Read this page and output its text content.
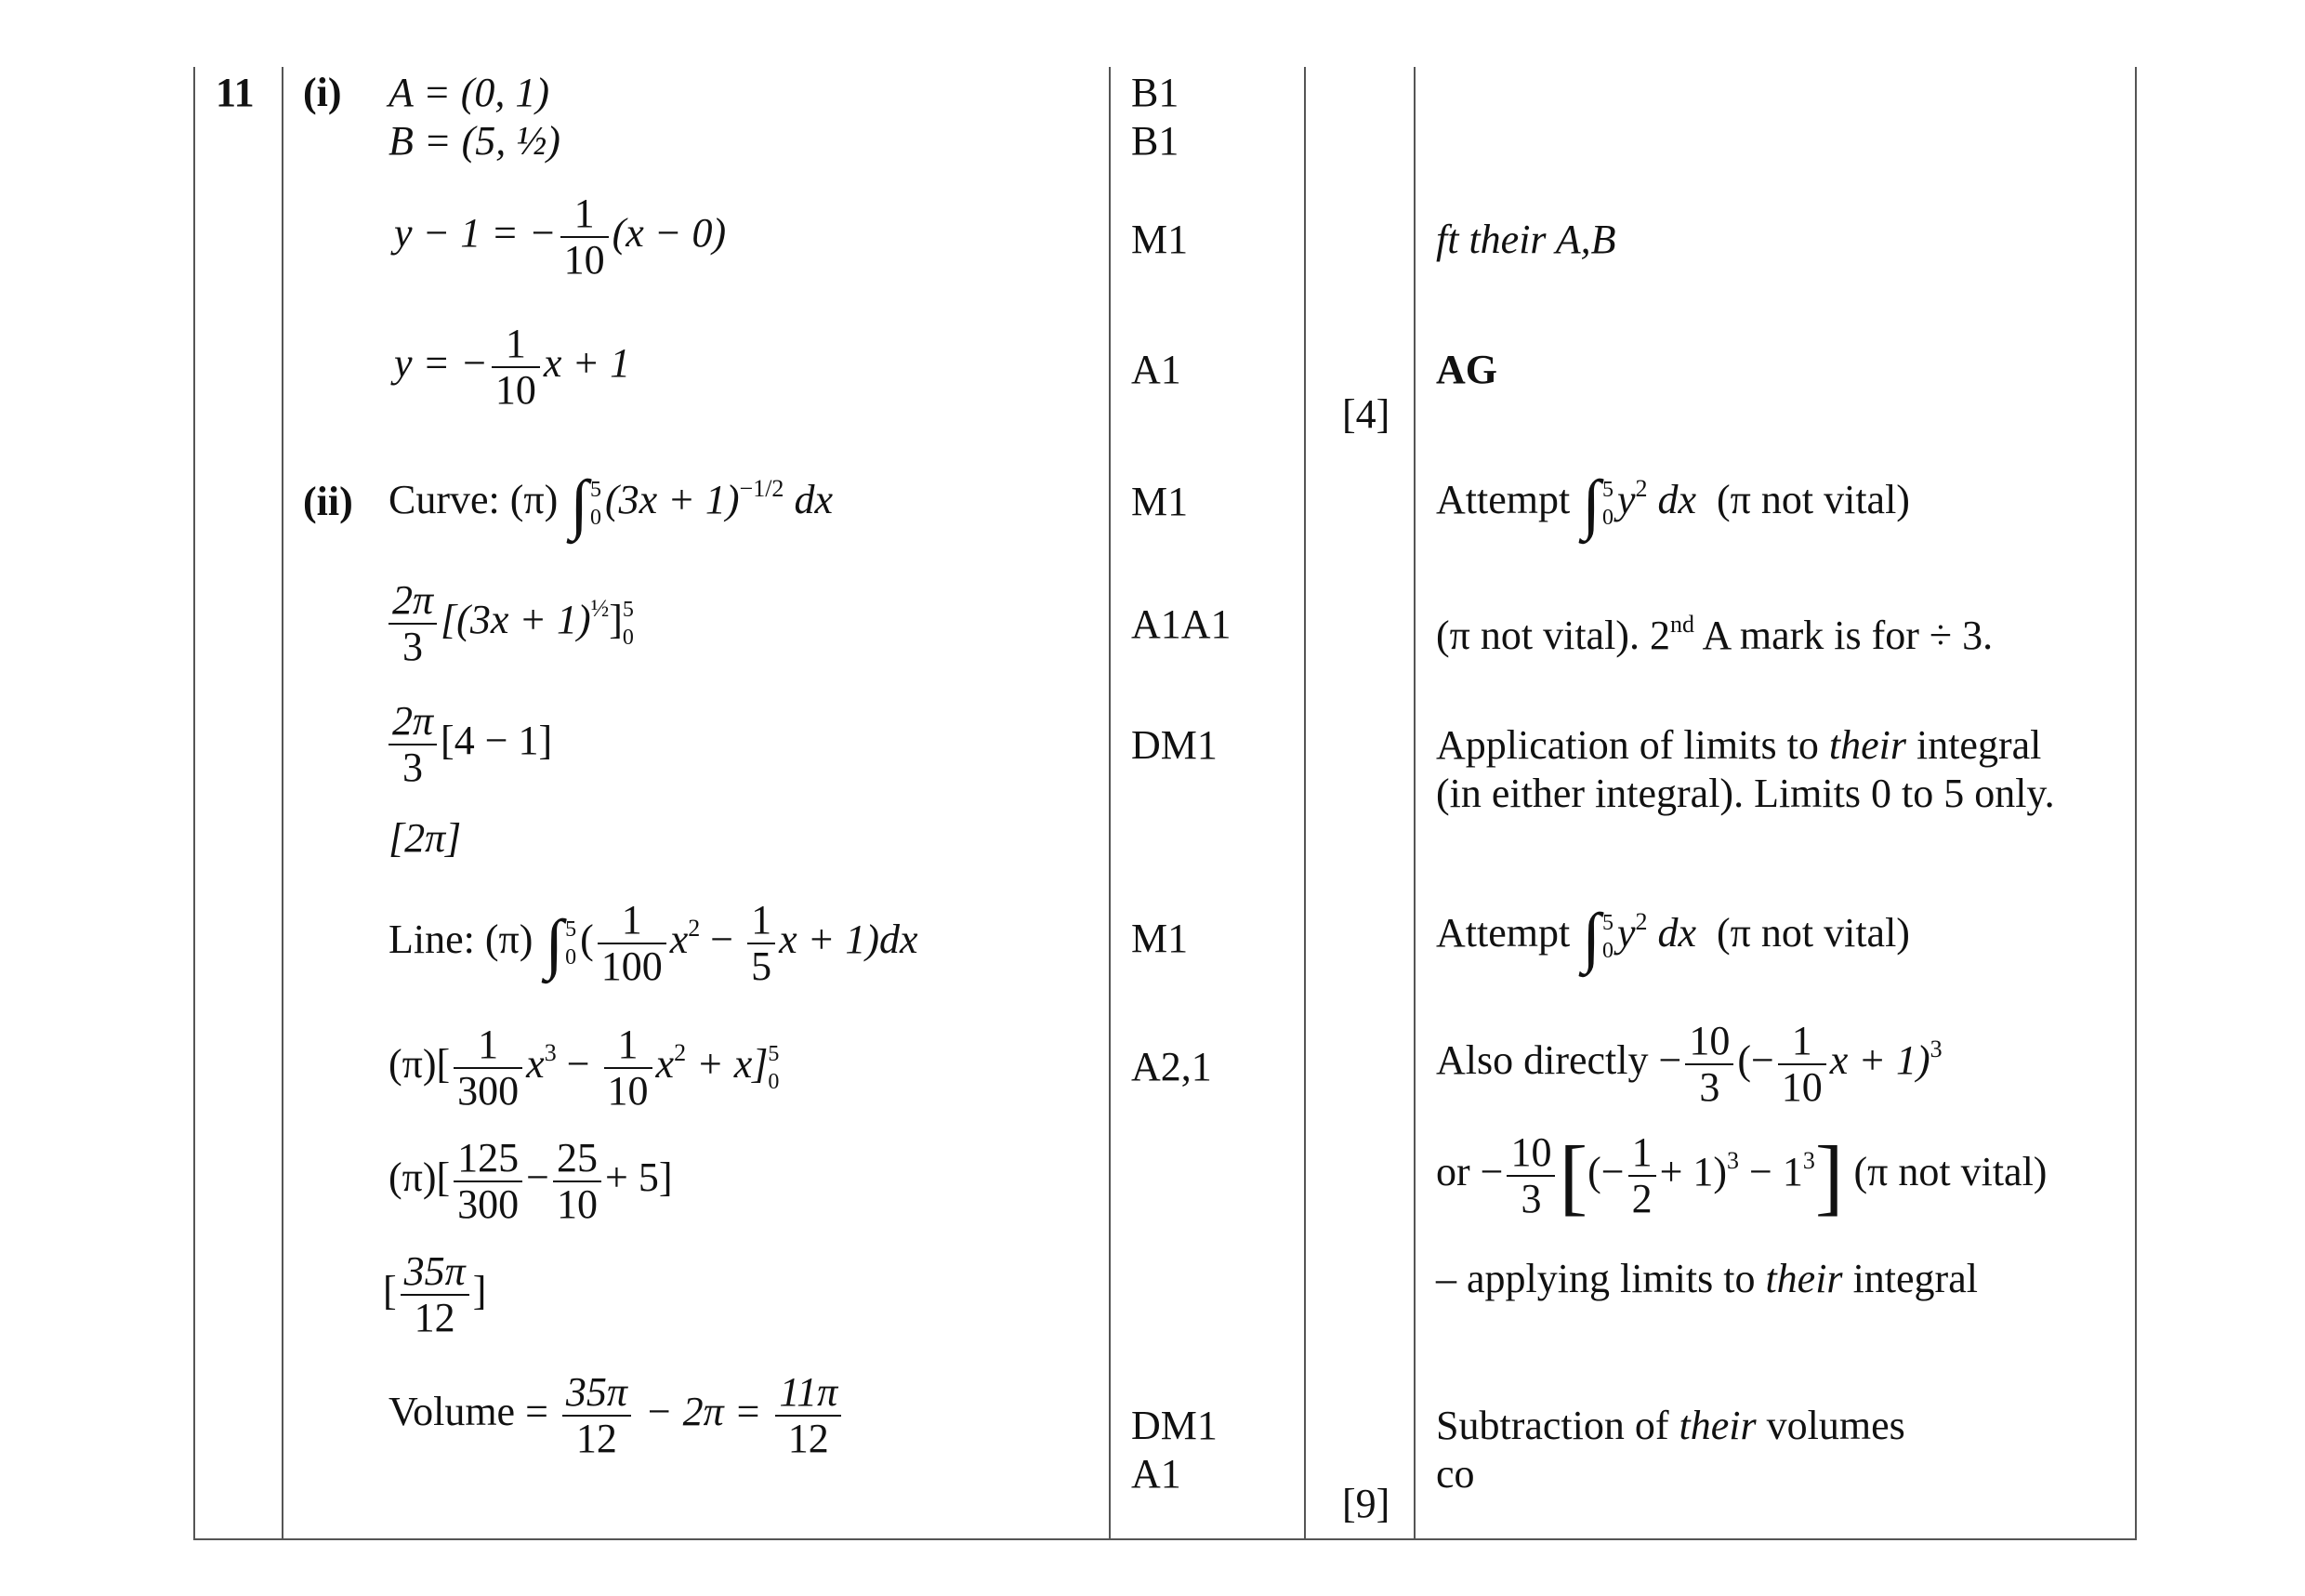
11 (i) A = (0, 1)
B = (5, ½)
y − 1 = − $\frac{1}{10} (x - 0)$
y = − $\frac{1}{10}$ x + 1
B1
B1
M1
A1
[4]
ft their A,B
AG
(ii) Curve: (π) ∫ 5
0 $(3x + 1)^{-1/2}$ dx
$\frac{2\pi}{3} [(3x + 1)^{\frac{1}{2}}]$ 5
0
$\frac{2\pi}{3} [4 - 1]$
[2π]
Line: (π) ∫ 5
0 ( $\frac{1}{100} x^2 - \frac{1}{5}$ x + 1)dx
$(\pi)[ \frac{1}{300} x^3 - \frac{1}{10} x^2 + x]$ 5
0
$(\pi)[ \frac{125}{300} - \frac{25}{10} + 5]$
[ $\frac{35\pi}{12}$ ]
Volume = $\frac{35\pi}{12} - 2\pi = \frac{11\pi}{12}$
M1
A1A1
DM1
M1
A2,1
DM1
A1
[9]
Attempt ∫ 5
0 $y^2$ dx (π not vital)
(π not vital). 2nd A mark is for ÷ 3.
Application of limits to their integral
(in either integral). Limits 0 to 5 only.
Attempt ∫ 5
0 $y^2$ dx (π not vital)
Also directly − $\frac{10}{3}$ (− $\frac{1}{10}$ x + 1)$^3$
or − $\frac{10}{3}$ [(− $\frac{1}{2} + 1)^3 - 1^3$] (π not vital)
– applying limits to their integral
Subtraction of their volumes
co
